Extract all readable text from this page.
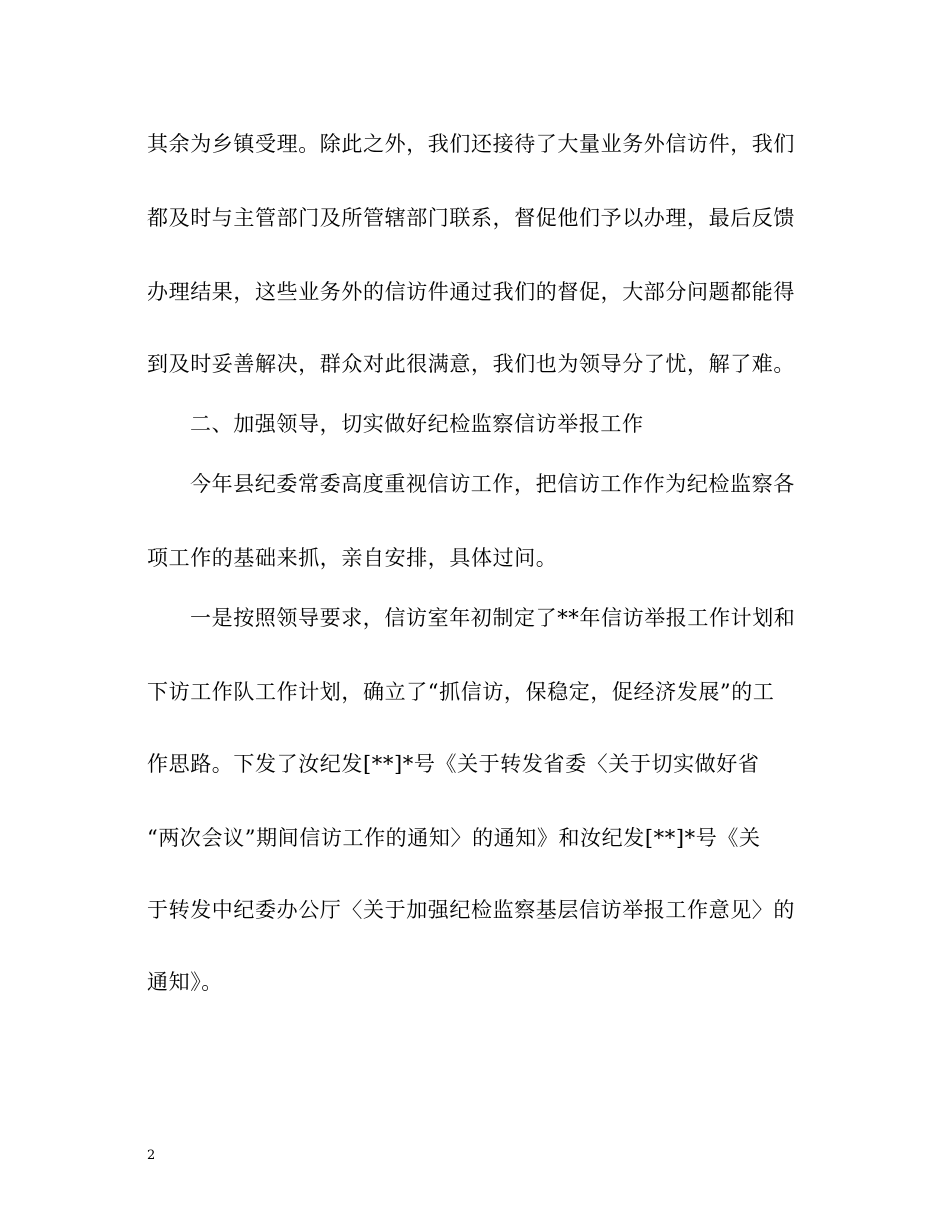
其余为乡镇受理。除此之外，我们还接待了大量业务外信访件，我们
都及时与主管部门及所管辖部门联系，督促他们予以办理，最后反馈
办理结果，这些业务外的信访件通过我们的督促，大部分问题都能得
到及时妥善解决，群众对此很满意，我们也为领导分了忧，解了难。
二、加强领导，切实做好纪检监察信访举报工作
今年县纪委常委高度重视信访工作，把信访工作作为纪检监察各
项工作的基础来抓，亲自安排，具体过问。
一是按照领导要求，信访室年初制定了**年信访举报工作计划和
下访工作队工作计划，确立了“抓信访，保稳定，促经济发展”的工
作思路。下发了汝纪发[**]*号《关于转发省委〈关于切实做好省
“两次会议”期间信访工作的通知〉的通知》和汝纪发[**]*号《关
于转发中纪委办公厅〈关于加强纪检监察基层信访举报工作意见〉的
通知》。
2
